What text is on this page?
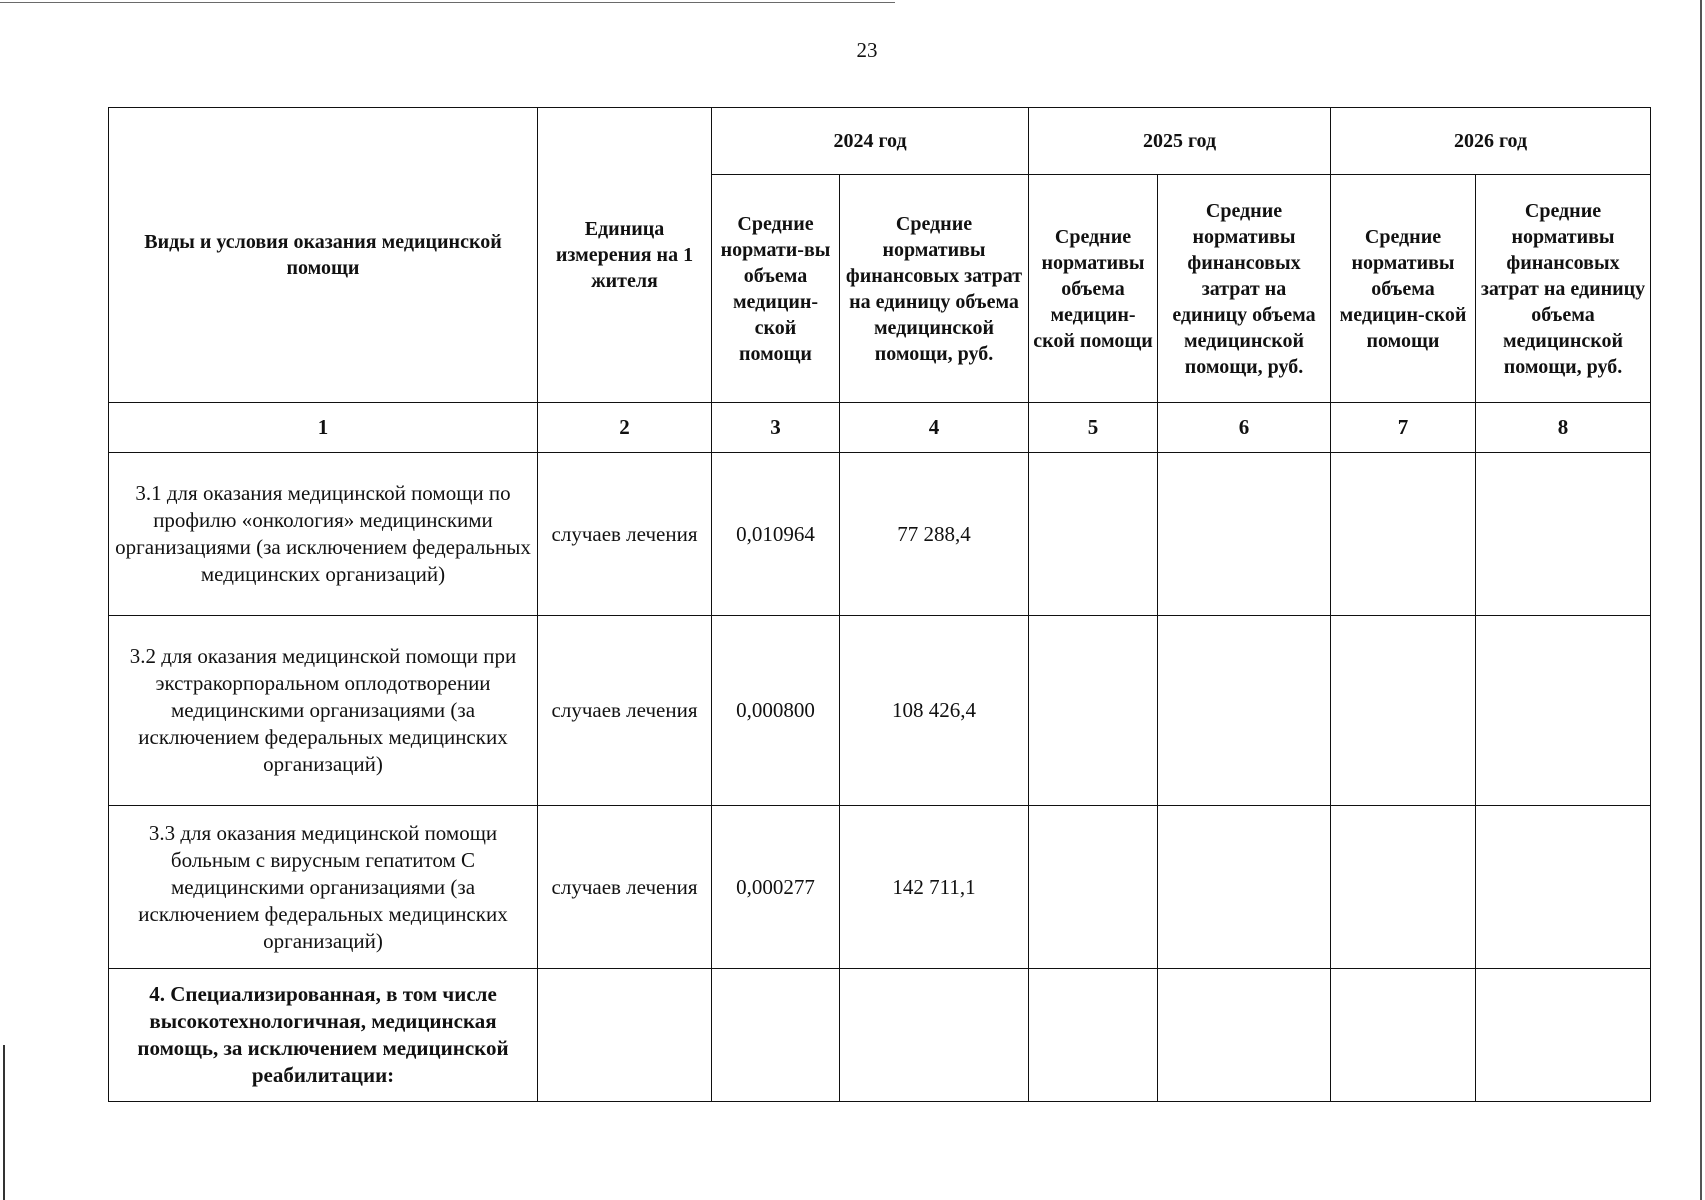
23
Виды и условия оказания медицинской помощи	Единица измерения на 1 жителя	2024 год		2025 год		2026 год	
		Средние нормати-вы объема медицин-ской помощи	Средние нормативы финансовых затрат на единицу объема медицинской помощи, руб.	Средние нормативы объема медицин-ской помощи	Средние нормативы финансовых затрат на единицу объема медицинской помощи, руб.	Средние нормативы объема медицин-ской помощи	Средние нормативы финансовых затрат на единицу объема медицинской помощи, руб.
1	2	3	4	5	6	7	8
3.1 для оказания медицинской помощи по профилю «онкология» медицинскими организациями (за исключением федеральных медицинских организаций)	случаев лечения	0,010964	77 288,4				
3.2 для оказания медицинской помощи при экстракорпоральном оплодотворении медицинскими организациями (за исключением федеральных медицинских организаций)	случаев лечения	0,000800	108 426,4				
3.3 для оказания медицинской помощи больным с вирусным гепатитом С медицинскими организациями (за исключением федеральных медицинских организаций)	случаев лечения	0,000277	142 711,1				
4. Специализированная, в том числе высокотехнологичная, медицинская помощь, за исключением медицинской реабилитации:							
